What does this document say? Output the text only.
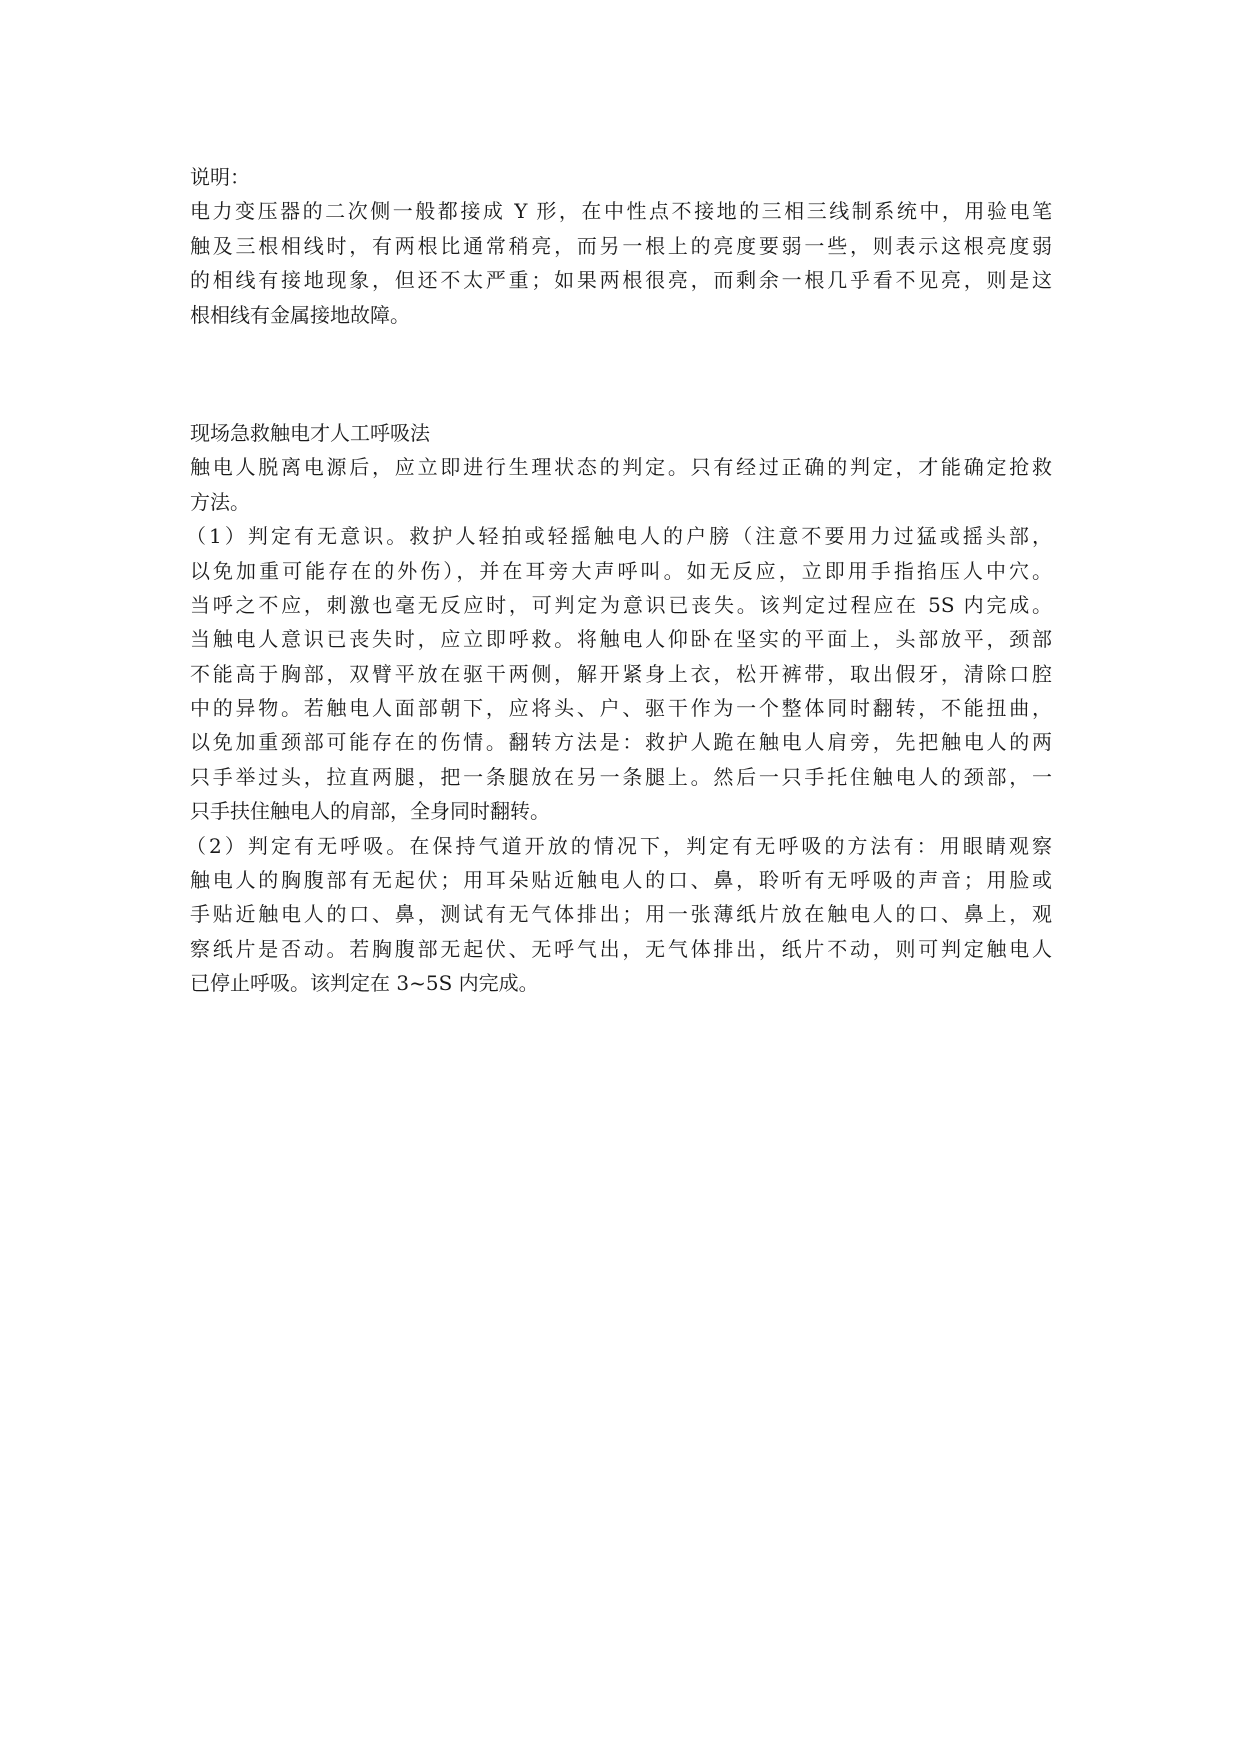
说明：
电力变压器的二次侧一般都接成 Y 形，在中性点不接地的三相三线制系统中，用验电笔
触及三根相线时，有两根比通常稍亮，而另一根上的亮度要弱一些，则表示这根亮度弱
的相线有接地现象，但还不太严重；如果两根很亮，而剩余一根几乎看不见亮，则是这
根相线有金属接地故障。
现场急救触电才人工呼吸法
触电人脱离电源后，应立即进行生理状态的判定。只有经过正确的判定，才能确定抢救
方法。
（1）判定有无意识。救护人轻拍或轻摇触电人的户膀（注意不要用力过猛或摇头部，
以免加重可能存在的外伤），并在耳旁大声呼叫。如无反应，立即用手指掐压人中穴。
当呼之不应，刺激也毫无反应时，可判定为意识已丧失。该判定过程应在 5S 内完成。
当触电人意识已丧失时，应立即呼救。将触电人仰卧在坚实的平面上，头部放平，颈部
不能高于胸部，双臂平放在驱干两侧，解开紧身上衣，松开裤带，取出假牙，清除口腔
中的异物。若触电人面部朝下，应将头、户、驱干作为一个整体同时翻转，不能扭曲，
以免加重颈部可能存在的伤情。翻转方法是：救护人跪在触电人肩旁，先把触电人的两
只手举过头，拉直两腿，把一条腿放在另一条腿上。然后一只手托住触电人的颈部，一
只手扶住触电人的肩部，全身同时翻转。
（2）判定有无呼吸。在保持气道开放的情况下，判定有无呼吸的方法有：用眼睛观察
触电人的胸腹部有无起伏；用耳朵贴近触电人的口、鼻，聆听有无呼吸的声音；用脸或
手贴近触电人的口、鼻，测试有无气体排出；用一张薄纸片放在触电人的口、鼻上，观
察纸片是否动。若胸腹部无起伏、无呼气出，无气体排出，纸片不动，则可判定触电人
已停止呼吸。该判定在 3~5S 内完成。
